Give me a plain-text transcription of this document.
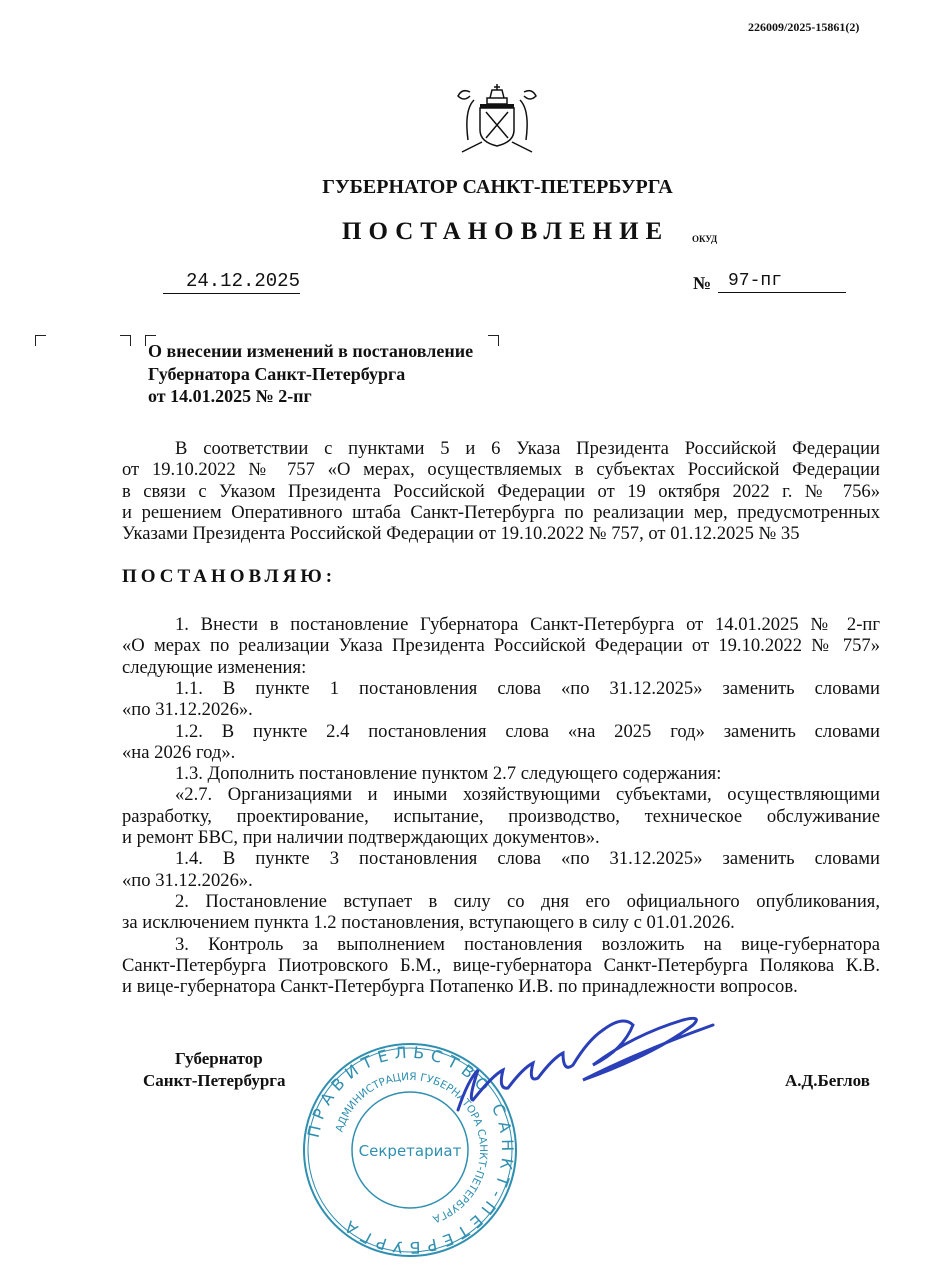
226009/2025-15861(2)
ГУБЕРНАТОР САНКТ-ПЕТЕРБУРГА
ПОСТАНОВЛЕНИЕ	ОКУД
24.12.2025	№ 97-пг
О внесении изменений в постановление
Губернатора Санкт-Петербурга
от 14.01.2025 № 2-пг
В соответствии с пунктами 5 и 6 Указа Президента Российской Федерации
от 19.10.2022 № 757 «О мерах, осуществляемых в субъектах Российской Федерации
в связи с Указом Президента Российской Федерации от 19 октября 2022 г. № 756»
и решением Оперативного штаба Санкт-Петербурга по реализации мер, предусмотренных
Указами Президента Российской Федерации от 19.10.2022 № 757, от 01.12.2025 № 35
ПОСТАНОВЛЯЮ:
1. Внести в постановление Губернатора Санкт-Петербурга от 14.01.2025 № 2-пг
«О мерах по реализации Указа Президента Российской Федерации от 19.10.2022 № 757»
следующие изменения:
1.1. В пункте 1 постановления слова «по 31.12.2025» заменить словами
«по 31.12.2026».
1.2. В пункте 2.4 постановления слова «на 2025 год» заменить словами
«на 2026 год».
1.3. Дополнить постановление пунктом 2.7 следующего содержания:
«2.7. Организациями и иными хозяйствующими субъектами, осуществляющими
разработку, проектирование, испытание, производство, техническое обслуживание
и ремонт БВС, при наличии подтверждающих документов».
1.4. В пункте 3 постановления слова «по 31.12.2025» заменить словами
«по 31.12.2026».
2. Постановление вступает в силу со дня его официального опубликования,
за исключением пункта 1.2 постановления, вступающего в силу с 01.01.2026.
3. Контроль за выполнением постановления возложить на вице-губернатора
Санкт-Петербурга Пиотровского Б.М., вице-губернатора Санкт-Петербурга Полякова К.В.
и вице-губернатора Санкт-Петербурга Потапенко И.В. по принадлежности вопросов.
Губернатор
Санкт-Петербурга	А.Д.Беглов
ПРАВИТЕЛЬСТВО САНКТ-ПЕТЕРБУРГА
АДМИНИСТРАЦИЯ ГУБЕРНАТОРА САНКТ-ПЕТЕРБУРГА
Секретариат
